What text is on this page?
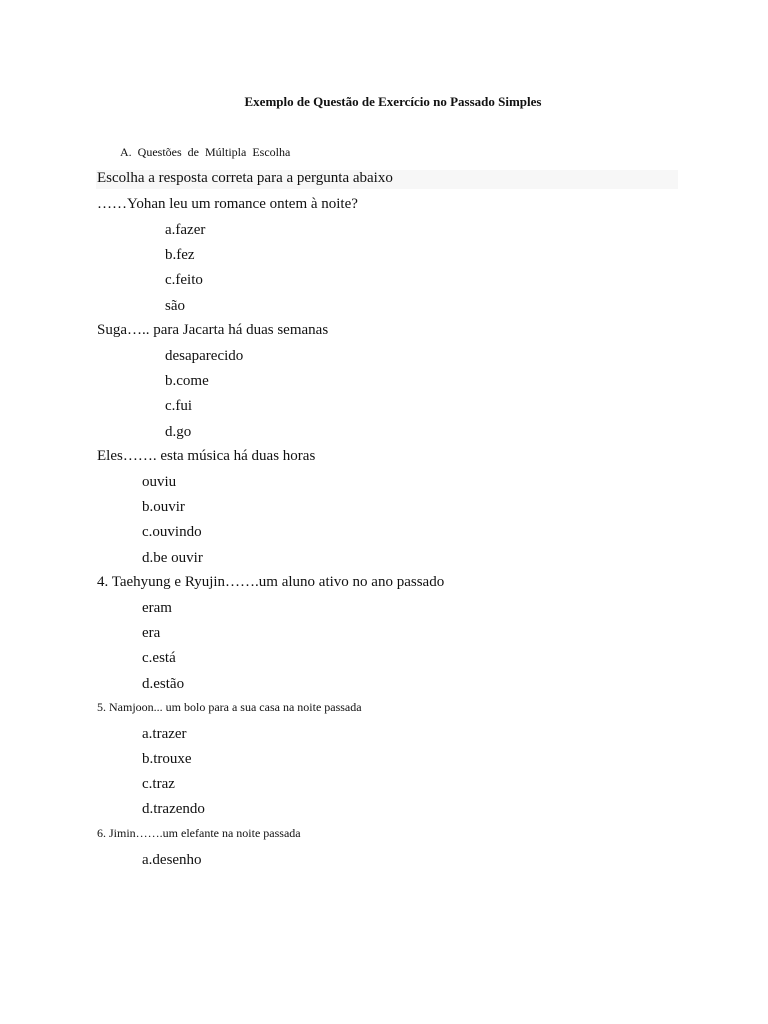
Exemplo de Questão de Exercício no Passado Simples
A. Questões de Múltipla Escolha
Escolha a resposta correta para a pergunta abaixo
……Yohan leu um romance ontem à noite?
a.fazer
b.fez
c.feito
são
Suga….. para Jacarta há duas semanas
desaparecido
b.come
c.fui
d.go
Eles……. esta música há duas horas
ouviu
b.ouvir
c.ouvindo
d.be ouvir
4. Taehyung e Ryujin…….um aluno ativo no ano passado
eram
era
c.está
d.estão
5. Namjoon... um bolo para a sua casa na noite passada
a.trazer
b.trouxe
c.traz
d.trazendo
6. Jimin…….um elefante na noite passada
a.desenho
